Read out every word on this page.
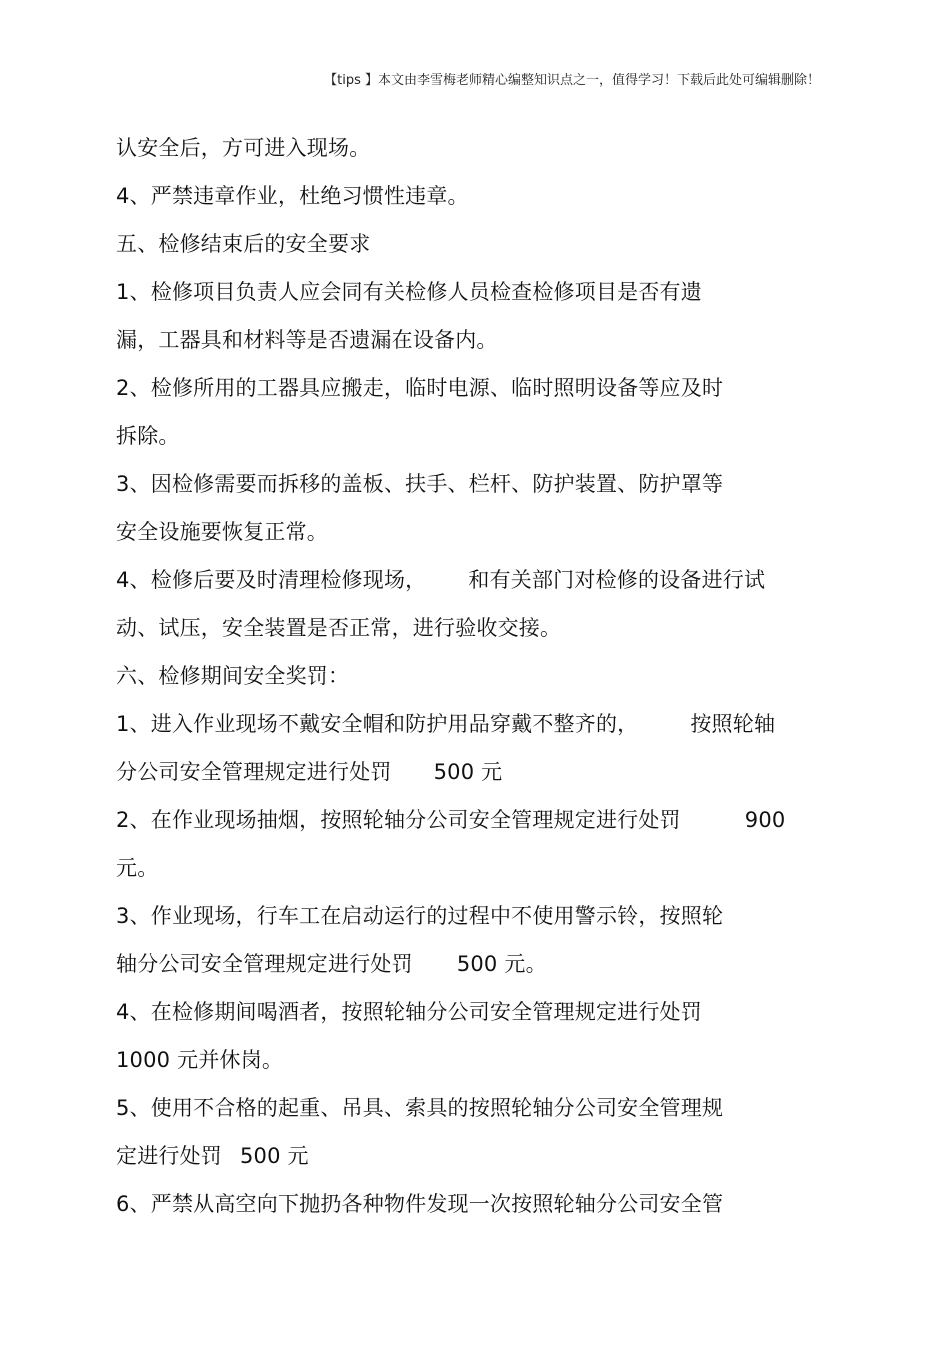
【tips 】本文由李雪梅老师精心编整知识点之一，值得学习！下载后此处可编辑删除！
认安全后，方可进入现场。
4、严禁违章作业，杜绝习惯性违章。
五、检修结束后的安全要求
1、检修项目负责人应会同有关检修人员检查检修项目是否有遗
漏，工器具和材料等是否遗漏在设备内。
2、检修所用的工器具应搬走，临时电源、临时照明设备等应及时
拆除。
3、因检修需要而拆移的盖板、扶手、栏杆、防护装置、防护罩等
安全设施要恢复正常。
4、检修后要及时清理检修现场， 和有关部门对检修的设备进行试
动、试压，安全装置是否正常，进行验收交接。
六、检修期间安全奖罚：
1、进入作业现场不戴安全帽和防护用品穿戴不整齐的， 按照轮轴
分公司安全管理规定进行处罚 500 元
2、在作业现场抽烟，按照轮轴分公司安全管理规定进行处罚	900
元。
3、作业现场，行车工在启动运行的过程中不使用警示铃，按照轮
轴分公司安全管理规定进行处罚 500 元。
4、在检修期间喝酒者，按照轮轴分公司安全管理规定进行处罚
1000 元并休岗。
5、使用不合格的起重、吊具、索具的按照轮轴分公司安全管理规
定进行处罚 500 元
6、严禁从高空向下抛扔各种物件发现一次按照轮轴分公司安全管
